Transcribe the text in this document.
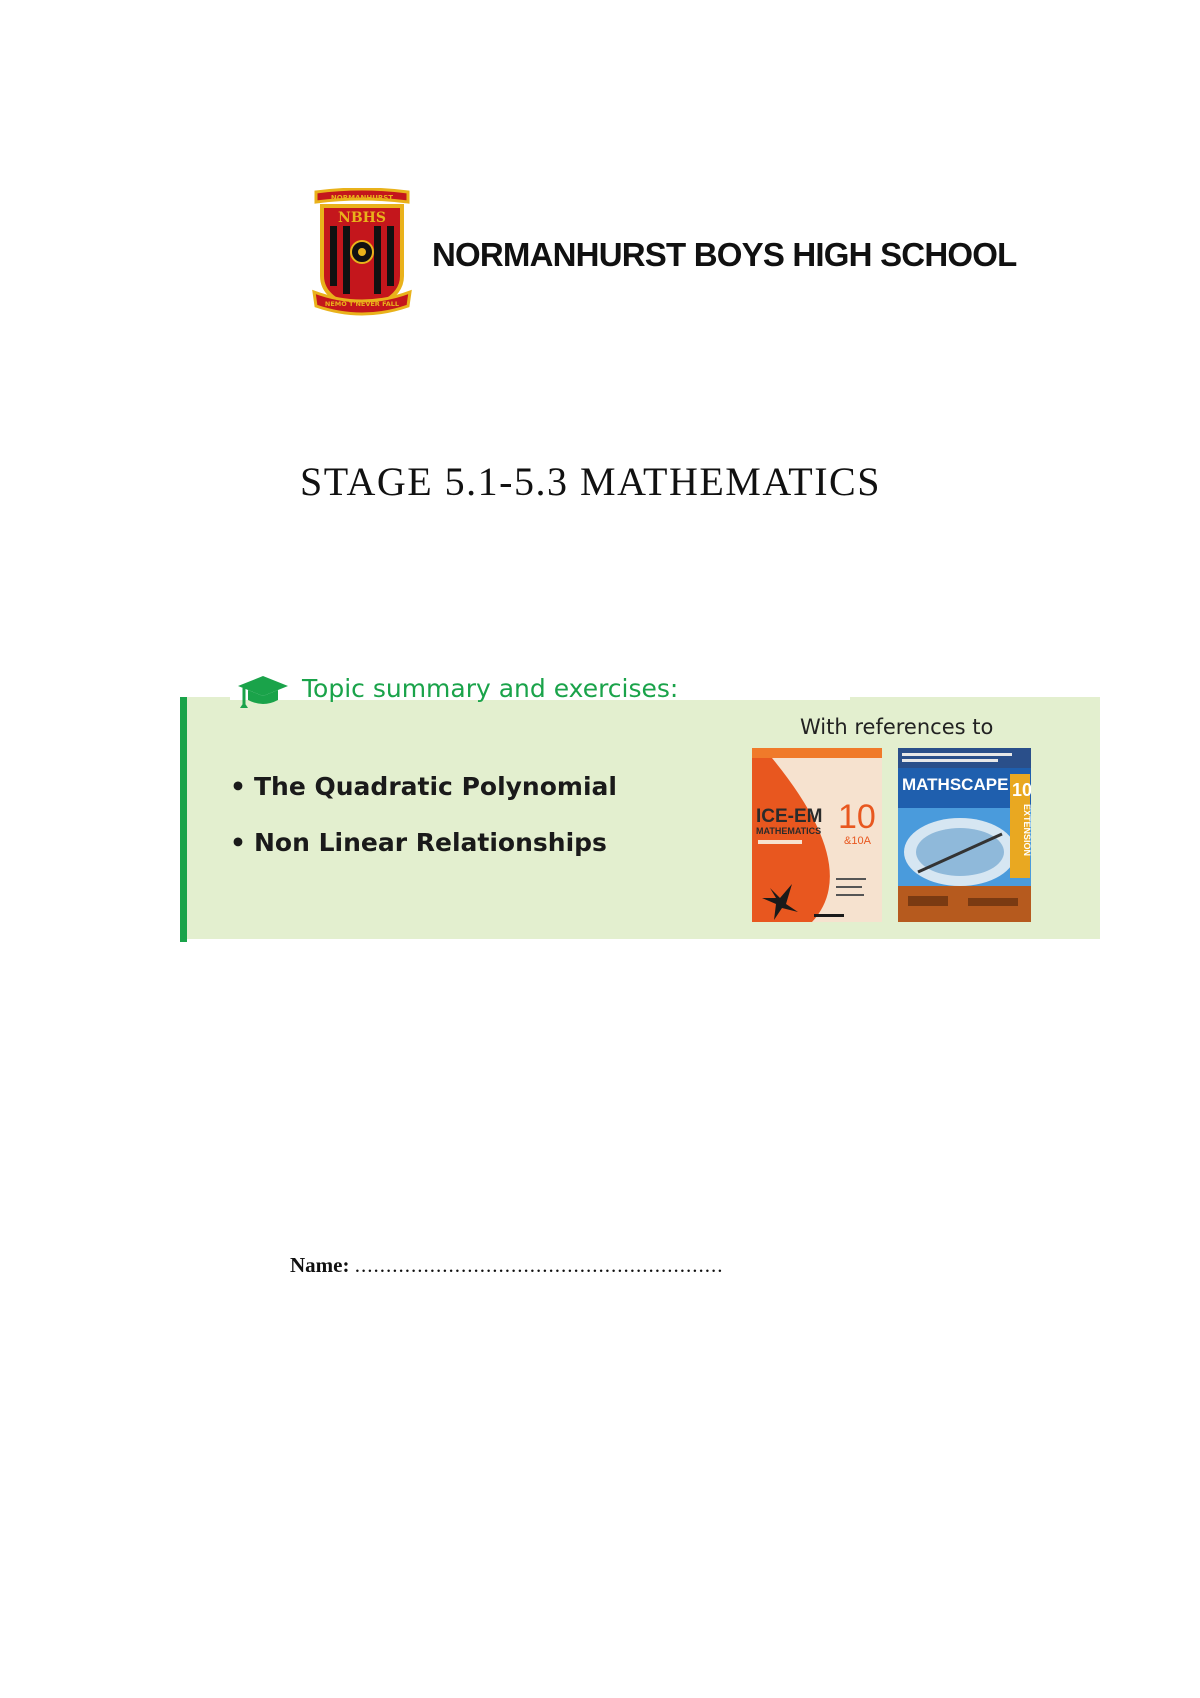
NORMANHURST
NBHS
NEMO T'NEVER FALL
NORMANHURST BOYS HIGH SCHOOL
STAGE 5.1-5.3 MATHEMATICS
Topic summary and exercises:
With references to
• The Quadratic Polynomial
• Non Linear Relationships
ICE-EM
MATHEMATICS 10
&10A
MATHSCAPE 10
EXTENSION
Name: ...........................................................
